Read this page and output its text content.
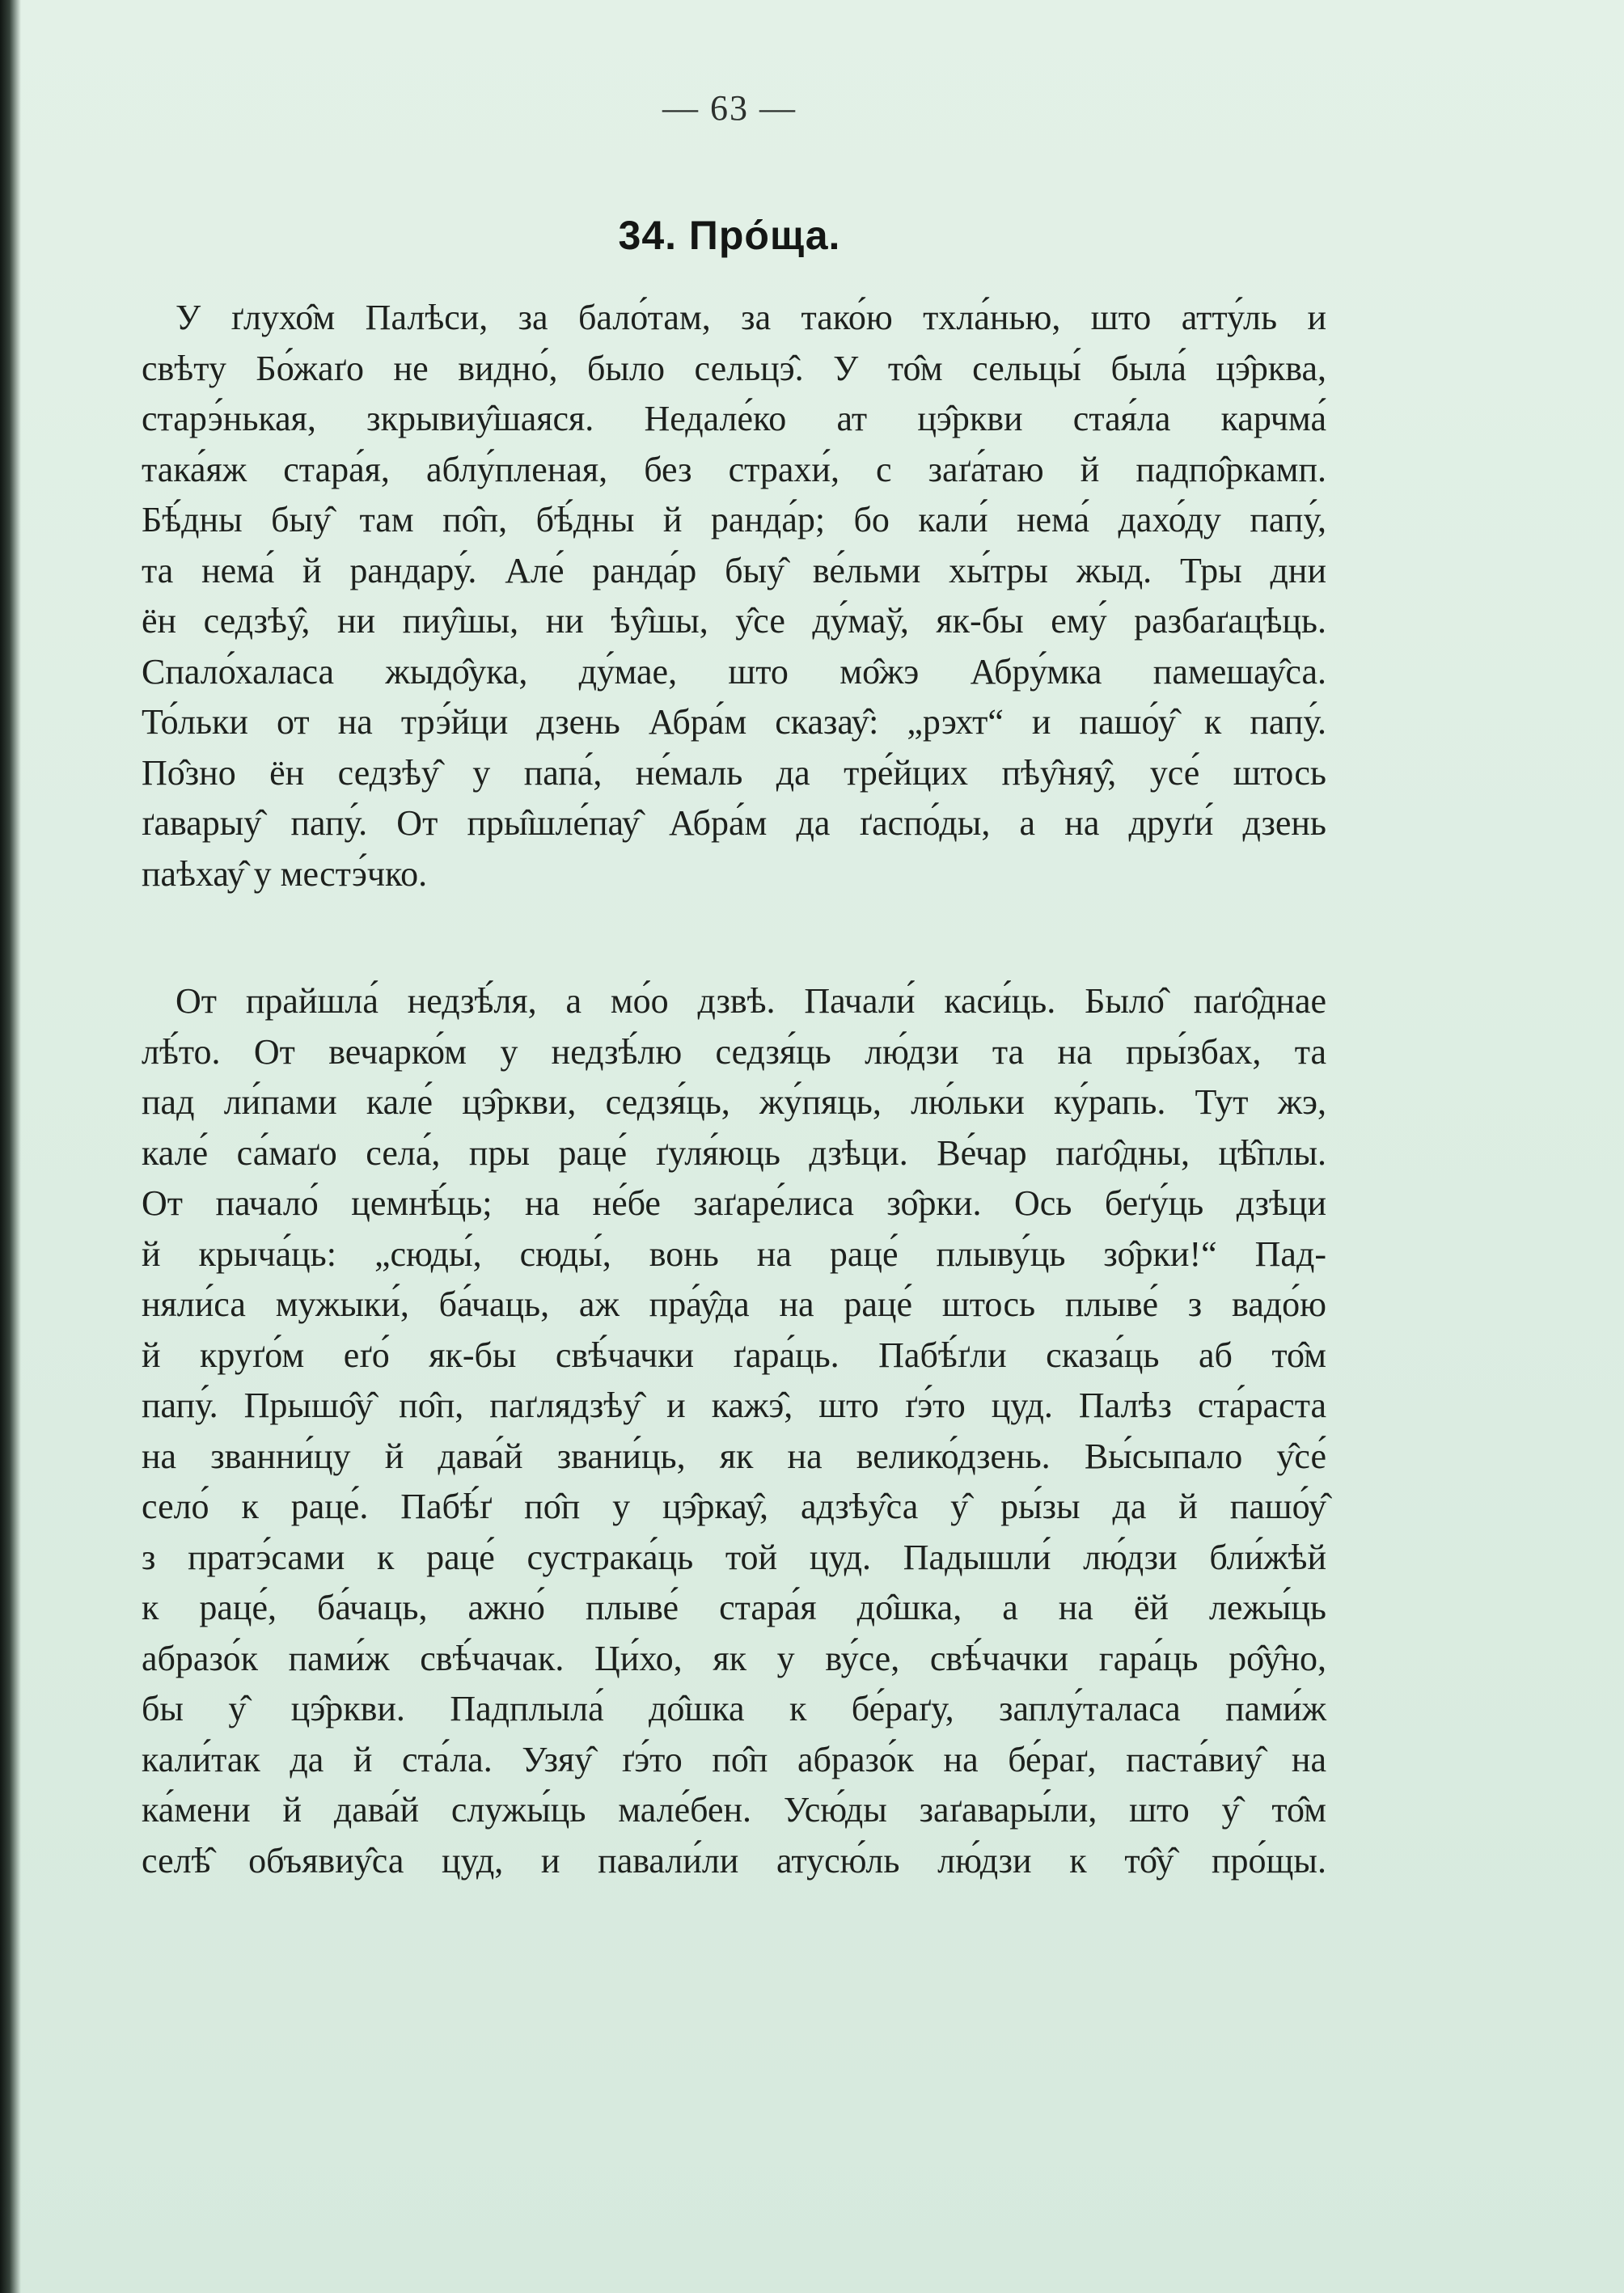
— 63 —
34. Про́ща.
У ґлухо̂м Палѣси, за бало́там, за тако́ю тхла́нью, што атту́ль и
свѣту Бо́жаґо не видно́, было сельцэ̂. У то̂м сельцы́ была́ цэ̂рква,
старэ́нькая, зкрывиу̂шаяся. Недале́ко ат цэ̂ркви стая́ла карчма́
така́яж стара́я, аблу́пленая, без страхи́, с заґа́таю й падпо̂ркамп.
Бѣ́дны быу̂ там по̂п, бѣ́дны й ранда́р; бо кали́ нема́ дахо́ду папу́,
та нема́ й рандару́. Але́ ранда́р быу̂ ве́льми хы́тры жыд. Тры дни
ён седзѣу̂, ни пиу̂шы, ни ѣу̂шы, у̂се ду́маў, як-бы ему́ разбаґацѣць.
Спало́халаса жыдо̂ука, ду́мае, што мо̂жэ Абру́мка памешау̂са.
То́льки от на трэ́йци дзень Абра́м сказау̂: „рэхт“ и пашо́у̂ к папу́.
По̂зно ён седзѣу̂ у папа́, не́маль да тре́йцих пѣу̂няу̂, усе́ штось
ґаварыу̂ папу́. От пры̂шле́пау̂ Абра́м да ґаспо́ды, а на друґи́ дзень
паѣхау̂ у местэ́чко.
От прайшла́ недзѣ́ля, а мо́о дзвѣ. Пачали́ каси́ць. Было̂ паґо̂днае
лѣ́то. От вечарко́м у недзѣ́лю седзя́ць лю́дзи та на пры́збах, та
пад ли́пами кале́ цэ̂ркви, седзя́ць, жу́пяць, лю́льки ку́рапь. Тут жэ,
кале́ са́маґо села́, пры раце́ ґуля́юць дзѣци. Ве́чар паґо̂дны, цѣ̂плы.
От пачало́ цемнѣ́ць; на не́бе заґаре́лиса зо̂рки. Ось беґу́ць дзѣци
й крыча́ць: „сюды́, сюды́, вонь на раце́ плыву́ць зо̂рки!“ Пад-
няли́са мужыки́, ба́чаць, аж пра́у̂да на раце́ штось плыве́ з вадо́ю
й круґо́м еґо́ як-бы свѣ́чачки ґара́ць. Пабѣ́ґли сказа́ць аб то̂м
папу́. Прышо̂у̂ по̂п, паґлядзѣу̂ и кажэ̂, што ґэ́то цуд. Палѣз ста́раста
на званни́цу й дава́й звани́ць, як на велико́дзень. Вы́сыпало у̂се́
село́ к раце́. Пабѣ́ґ по̂п у цэ̂ркау̂, адзѣу̂са у̂ ры́зы да й пашо́у̂
з пратэ́сами к раце́ сустрака́ць той цуд. Падышли́ лю́дзи бли́жѣй
к раце́, ба́чаць, ажно́ плыве́ стара́я до̂шка, а на ёй лежы́ць
абразо́к пами́ж свѣ́чачак. Ци́хо, як у ву́се, свѣ́чачки гара́ць ро̂у̂но,
бы у̂ цэ̂ркви. Падплыла́ до̂шка к бе́раґу, заплу́таласа пами́ж
кали́так да й ста́ла. Узяу̂ ґэ́то по̂п абразо́к на бе́раґ, паста́виу̂ на
ка́мени й дава́й служы́ць мале́бен. Усю́ды заґавары́ли, што у̂ то̂м
селѣ̂ объявиу̂са цуд, и павали́ли атусю́ль лю́дзи к то̂у̂ про́щы.
